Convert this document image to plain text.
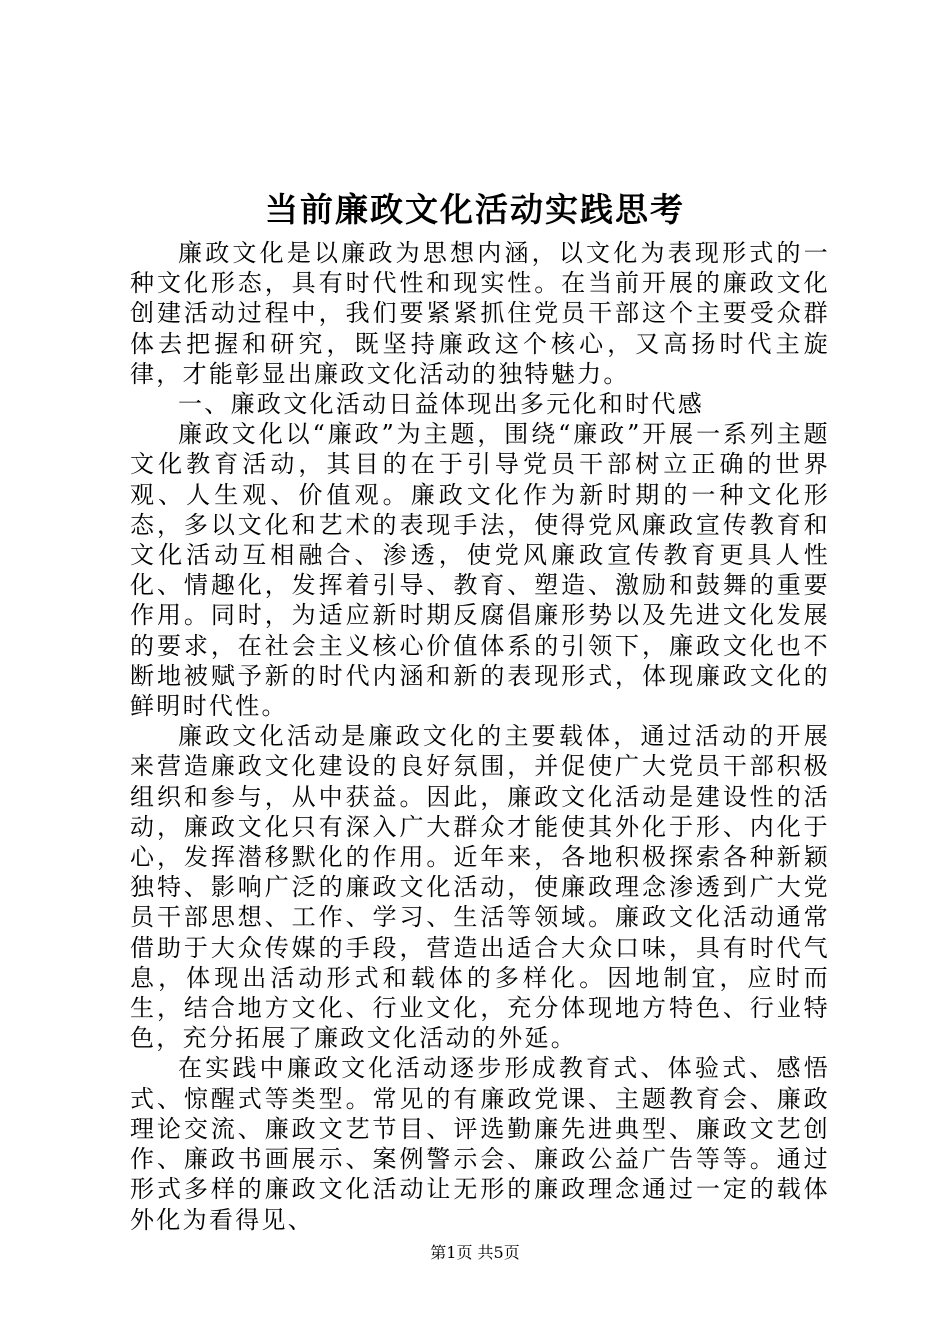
当前廉政文化活动实践思考

廉政文化是以廉政为思想内涵，以文化为表现形式的一种文化形态，具有时代性和现实性。在当前开展的廉政文化创建活动过程中，我们要紧紧抓住党员干部这个主要受众群体去把握和研究，既坚持廉政这个核心，又高扬时代主旋律，才能彰显出廉政文化活动的独特魅力。

一、廉政文化活动日益体现出多元化和时代感

廉政文化以“廉政”为主题，围绕“廉政”开展一系列主题文化教育活动，其目的在于引导党员干部树立正确的世界观、人生观、价值观。廉政文化作为新时期的一种文化形态，多以文化和艺术的表现手法，使得党风廉政宣传教育和文化活动互相融合、渗透，使党风廉政宣传教育更具人性化、情趣化，发挥着引导、教育、塑造、激励和鼓舞的重要作用。同时，为适应新时期反腐倡廉形势以及先进文化发展的要求，在社会主义核心价值体系的引领下，廉政文化也不断地被赋予新的时代内涵和新的表现形式，体现廉政文化的鲜明时代性。

廉政文化活动是廉政文化的主要载体，通过活动的开展来营造廉政文化建设的良好氛围，并促使广大党员干部积极组织和参与，从中获益。因此，廉政文化活动是建设性的活动，廉政文化只有深入广大群众才能使其外化于形、内化于心，发挥潜移默化的作用。近年来，各地积极探索各种新颖独特、影响广泛的廉政文化活动，使廉政理念渗透到广大党员干部思想、工作、学习、生活等领域。廉政文化活动通常借助于大众传媒的手段，营造出适合大众口味，具有时代气息，体现出活动形式和载体的多样化。因地制宜，应时而生，结合地方文化、行业文化，充分体现地方特色、行业特色，充分拓展了廉政文化活动的外延。

在实践中廉政文化活动逐步形成教育式、体验式、感悟式、惊醒式等类型。常见的有廉政党课、主题教育会、廉政理论交流、廉政文艺节目、评选勤廉先进典型、廉政文艺创作、廉政书画展示、案例警示会、廉政公益广告等等。通过形式多样的廉政文化活动让无形的廉政理念通过一定的载体外化为看得见、

第1页 共5页
